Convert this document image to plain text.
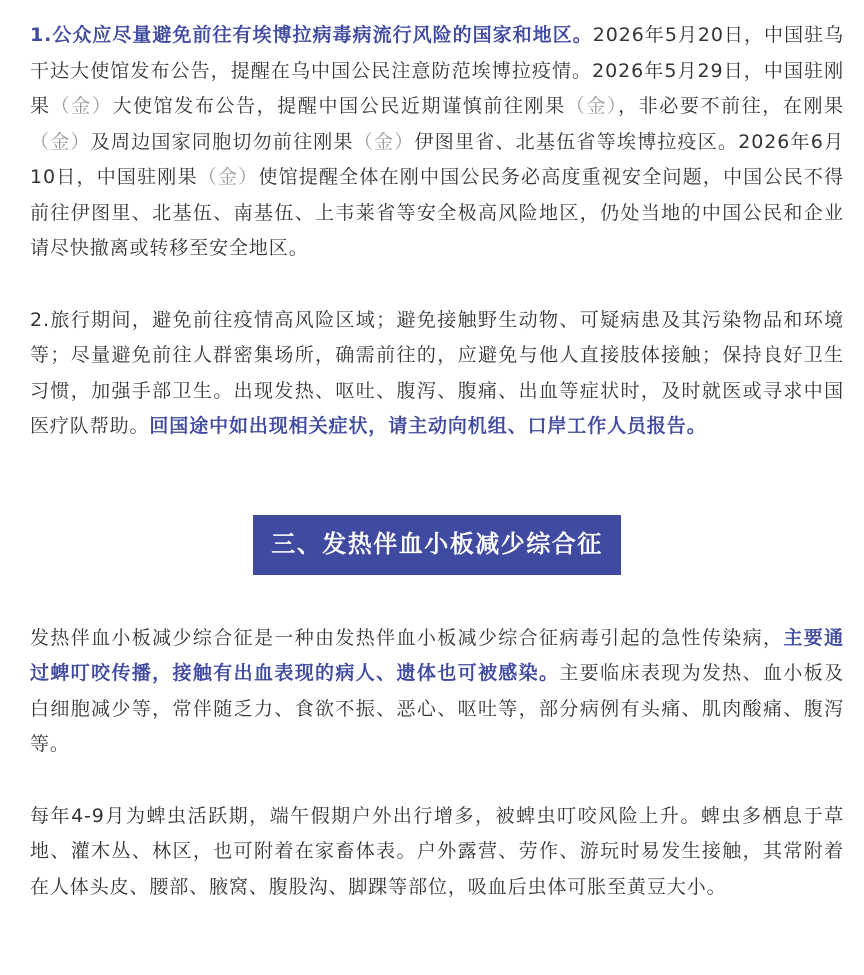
1.公众应尽量避免前往有埃博拉病毒病流行风险的国家和地区。2026年5月20日，中国驻乌干达大使馆发布公告，提醒在乌中国公民注意防范埃博拉疫情。2026年5月29日，中国驻刚果（金）大使馆发布公告，提醒中国公民近期谨慎前往刚果（金），非必要不前往，在刚果（金）及周边国家同胞切勿前往刚果（金）伊图里省、北基伍省等埃博拉疫区。2026年6月10日，中国驻刚果（金）使馆提醒全体在刚中国公民务必高度重视安全问题，中国公民不得前往伊图里、北基伍、南基伍、上韦莱省等安全极高风险地区，仍处当地的中国公民和企业请尽快撤离或转移至安全地区。

2.旅行期间，避免前往疫情高风险区域；避免接触野生动物、可疑病患及其污染物品和环境等；尽量避免前往人群密集场所，确需前往的，应避免与他人直接肢体接触；保持良好卫生习惯，加强手部卫生。出现发热、呕吐、腹泻、腹痛、出血等症状时，及时就医或寻求中国医疗队帮助。回国途中如出现相关症状，请主动向机组、口岸工作人员报告。

三、发热伴血小板减少综合征

发热伴血小板减少综合征是一种由发热伴血小板减少综合征病毒引起的急性传染病，主要通过蜱叮咬传播，接触有出血表现的病人、遗体也可被感染。主要临床表现为发热、血小板及白细胞减少等，常伴随乏力、食欲不振、恶心、呕吐等，部分病例有头痛、肌肉酸痛、腹泻等。

每年4-9月为蜱虫活跃期，端午假期户外出行增多，被蜱虫叮咬风险上升。蜱虫多栖息于草地、灌木丛、林区，也可附着在家畜体表。户外露营、劳作、游玩时易发生接触，其常附着在人体头皮、腰部、腋窝、腹股沟、脚踝等部位，吸血后虫体可胀至黄豆大小。
